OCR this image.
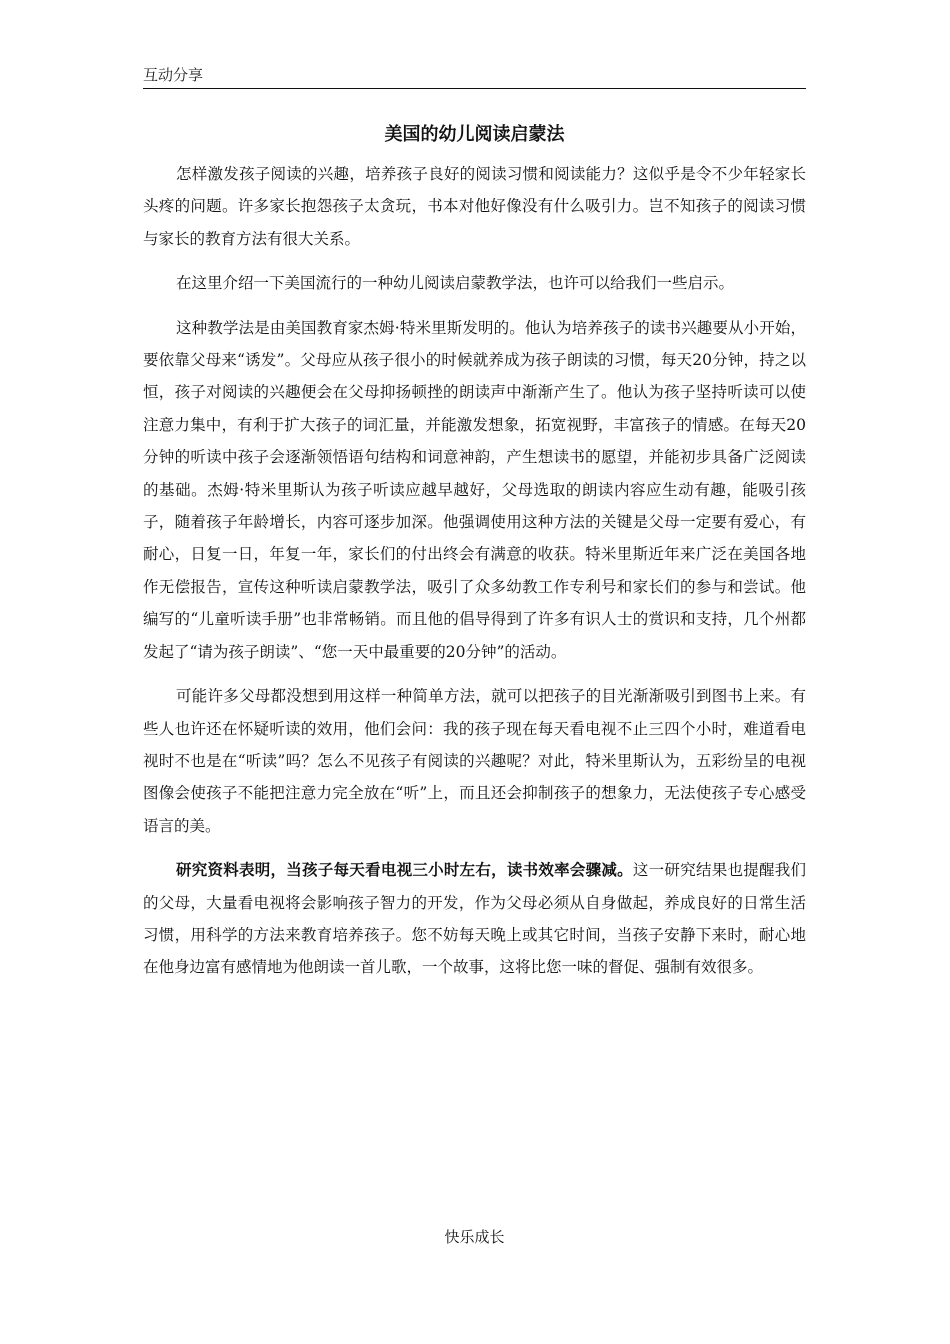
互动分享
美国的幼儿阅读启蒙法

怎样激发孩子阅读的兴趣，培养孩子良好的阅读习惯和阅读能力？这似乎是令不少年轻家长头疼的问题。许多家长抱怨孩子太贪玩，书本对他好像没有什么吸引力。岂不知孩子的阅读习惯与家长的教育方法有很大关系。

在这里介绍一下美国流行的一种幼儿阅读启蒙教学法，也许可以给我们一些启示。

这种教学法是由美国教育家杰姆·特米里斯发明的。他认为培养孩子的读书兴趣要从小开始，要依靠父母来“诱发”。父母应从孩子很小的时候就养成为孩子朗读的习惯，每天20分钟，持之以恒，孩子对阅读的兴趣便会在父母抑扬顿挫的朗读声中渐渐产生了。他认为孩子坚持听读可以使注意力集中，有利于扩大孩子的词汇量，并能激发想象，拓宽视野，丰富孩子的情感。在每天20分钟的听读中孩子会逐渐领悟语句结构和词意神韵，产生想读书的愿望，并能初步具备广泛阅读的基础。杰姆·特米里斯认为孩子听读应越早越好，父母选取的朗读内容应生动有趣，能吸引孩子，随着孩子年龄增长，内容可逐步加深。他强调使用这种方法的关键是父母一定要有爱心，有耐心，日复一日，年复一年，家长们的付出终会有满意的收获。特米里斯近年来广泛在美国各地作无偿报告，宣传这种听读启蒙教学法，吸引了众多幼教工作专利号和家长们的参与和尝试。他编写的“儿童听读手册”也非常畅销。而且他的倡导得到了许多有识人士的赏识和支持，几个州都发起了“请为孩子朗读”、“您一天中最重要的20分钟”的活动。

可能许多父母都没想到用这样一种简单方法，就可以把孩子的目光渐渐吸引到图书上来。有些人也许还在怀疑听读的效用，他们会问：我的孩子现在每天看电视不止三四个小时，难道看电视时不也是在“听读”吗？怎么不见孩子有阅读的兴趣呢？对此，特米里斯认为，五彩纷呈的电视图像会使孩子不能把注意力完全放在“听”上，而且还会抑制孩子的想象力，无法使孩子专心感受语言的美。

研究资料表明，当孩子每天看电视三小时左右，读书效率会骤减。这一研究结果也提醒我们的父母，大量看电视将会影响孩子智力的开发，作为父母必须从自身做起，养成良好的日常生活习惯，用科学的方法来教育培养孩子。您不妨每天晚上或其它时间，当孩子安静下来时，耐心地在他身边富有感情地为他朗读一首儿歌，一个故事，这将比您一味的督促、强制有效很多。

快乐成长
